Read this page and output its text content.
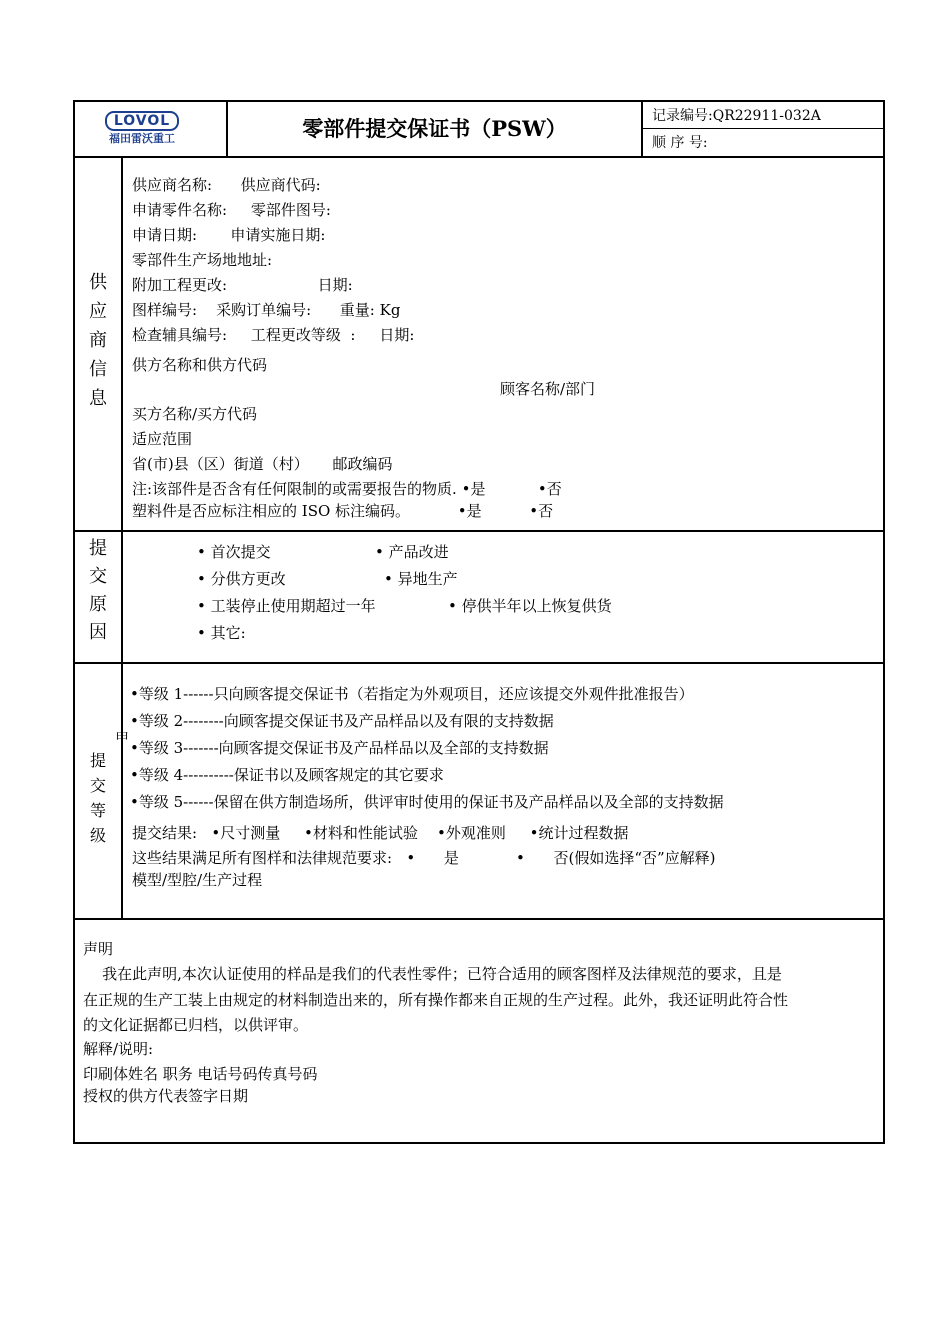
LOVOL
福田雷沃重工	零部件提交保证书（PSW）	记录编号:QR22911-032A
顺 序 号:
供
应
商
信
息
供应商名称:      供应商代码:
申请零件名称:     零部件图号:
申请日期:       申请实施日期:
零部件生产场地地址:
附加工程更改:                   日期:
图样编号:    采购订单编号:      重量: Kg
检查辅具编号:     工程更改等级  :     日期:
供方名称和供方代码
顾客名称/部门
买方名称/买方代码
适应范围
省(市)县（区）街道（村）     邮政编码
注:该部件是否含有任何限制的或需要报告的物质. •是           •否
塑料件是否应标注相应的 ISO 标注编码。          •是          •否
提
交
原
因
• 首次提交	• 产品改进
• 分供方更改	• 异地生产
• 工装停止使用期超过一年	• 停供半年以上恢复供货
• 其它:
提
交
等
级
申
•等级 1------只向顾客提交保证书（若指定为外观项目，还应该提交外观件批准报告）
•等级 2--------向顾客提交保证书及产品样品以及有限的支持数据
•等级 3-------向顾客提交保证书及产品样品以及全部的支持数据
•等级 4----------保证书以及顾客规定的其它要求
•等级 5------保留在供方制造场所，供评审时使用的保证书及产品样品以及全部的支持数据
提交结果:   •尺寸测量     •材料和性能试验    •外观准则     •统计过程数据
这些结果满足所有图样和法律规范要求:   •      是            •      否(假如选择“否”应解释)
模型/型腔/生产过程
声明
我在此声明,本次认证使用的样品是我们的代表性零件；已符合适用的顾客图样及法律规范的要求，且是
在正规的生产工装上由规定的材料制造出来的，所有操作都来自正规的生产过程。此外，我还证明此符合性
的文化证据都已归档，以供评审。
解释/说明:
印刷体姓名 职务 电话号码传真号码
授权的供方代表签字日期
